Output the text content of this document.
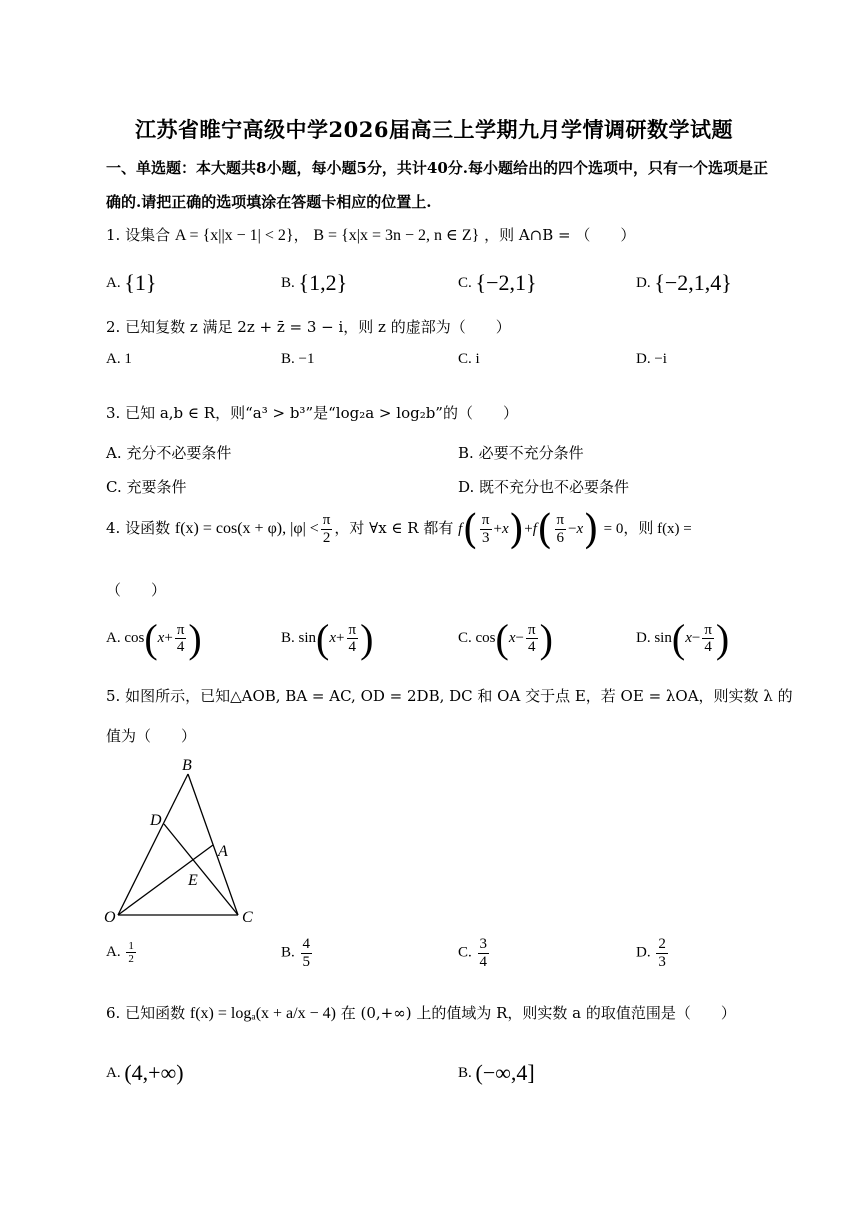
江苏省睢宁高级中学2026届高三上学期九月学情调研数学试题
一、单选题：本大题共8小题，每小题5分，共计40分.每小题给出的四个选项中，只有一个选项是正确的.请把正确的选项填涂在答题卡相应的位置上.
1. 设集合 A = {x||x − 1| < 2}， B = {x|x = 3n − 2, n ∈ Z} ，则 A∩B = （　　）
A. {1}	B. {1,2}	C. {−2,1}	D. {−2,1,4}
2. 已知复数 z 满足 2z + z̄ = 3 − i，则 z 的虚部为（　　）
A. 1	B. −1	C. i	D. −i
3. 已知 a,b ∈ R，则“a³ > b³”是“log₂a > log₂b”的（　　）
A. 充分不必要条件	B. 必要不充分条件
C. 充要条件	D. 既不充分也不必要条件
4. 设函数 f(x) = cos(x + φ), $|\varphi| < \frac{\pi}{2}$ ，对 ∀x ∈ R 都有 $f( \frac{\pi}{3} +x)+f( \frac{\pi}{6} -x) = 0$，则 f(x) =
（　　）
A. $\cos(x+ \frac{\pi}{4}$ )	B. $\sin(x+ \frac{\pi}{4}$ )	C. $\cos(x- \frac{\pi}{4}$ )	D. $\sin(x- \frac{\pi}{4}$ )
5. 如图所示，已知△AOB, BA = AC, OD = 2DB, DC 和 OA 交于点 E，若 OE = λOA，则实数 λ 的
值为（　　）
B
D
A
E
O	C
A. $\frac{1}{2}$	B. $\frac{4}{5}$	C. $\frac{3}{4}$	D. $\frac{2}{3}$
6. 已知函数 f(x) = logₐ(x + a/x − 4) 在 (0,+∞) 上的值域为 R，则实数 a 的取值范围是（　　）
A. (4,+∞)	B. (−∞,4]
